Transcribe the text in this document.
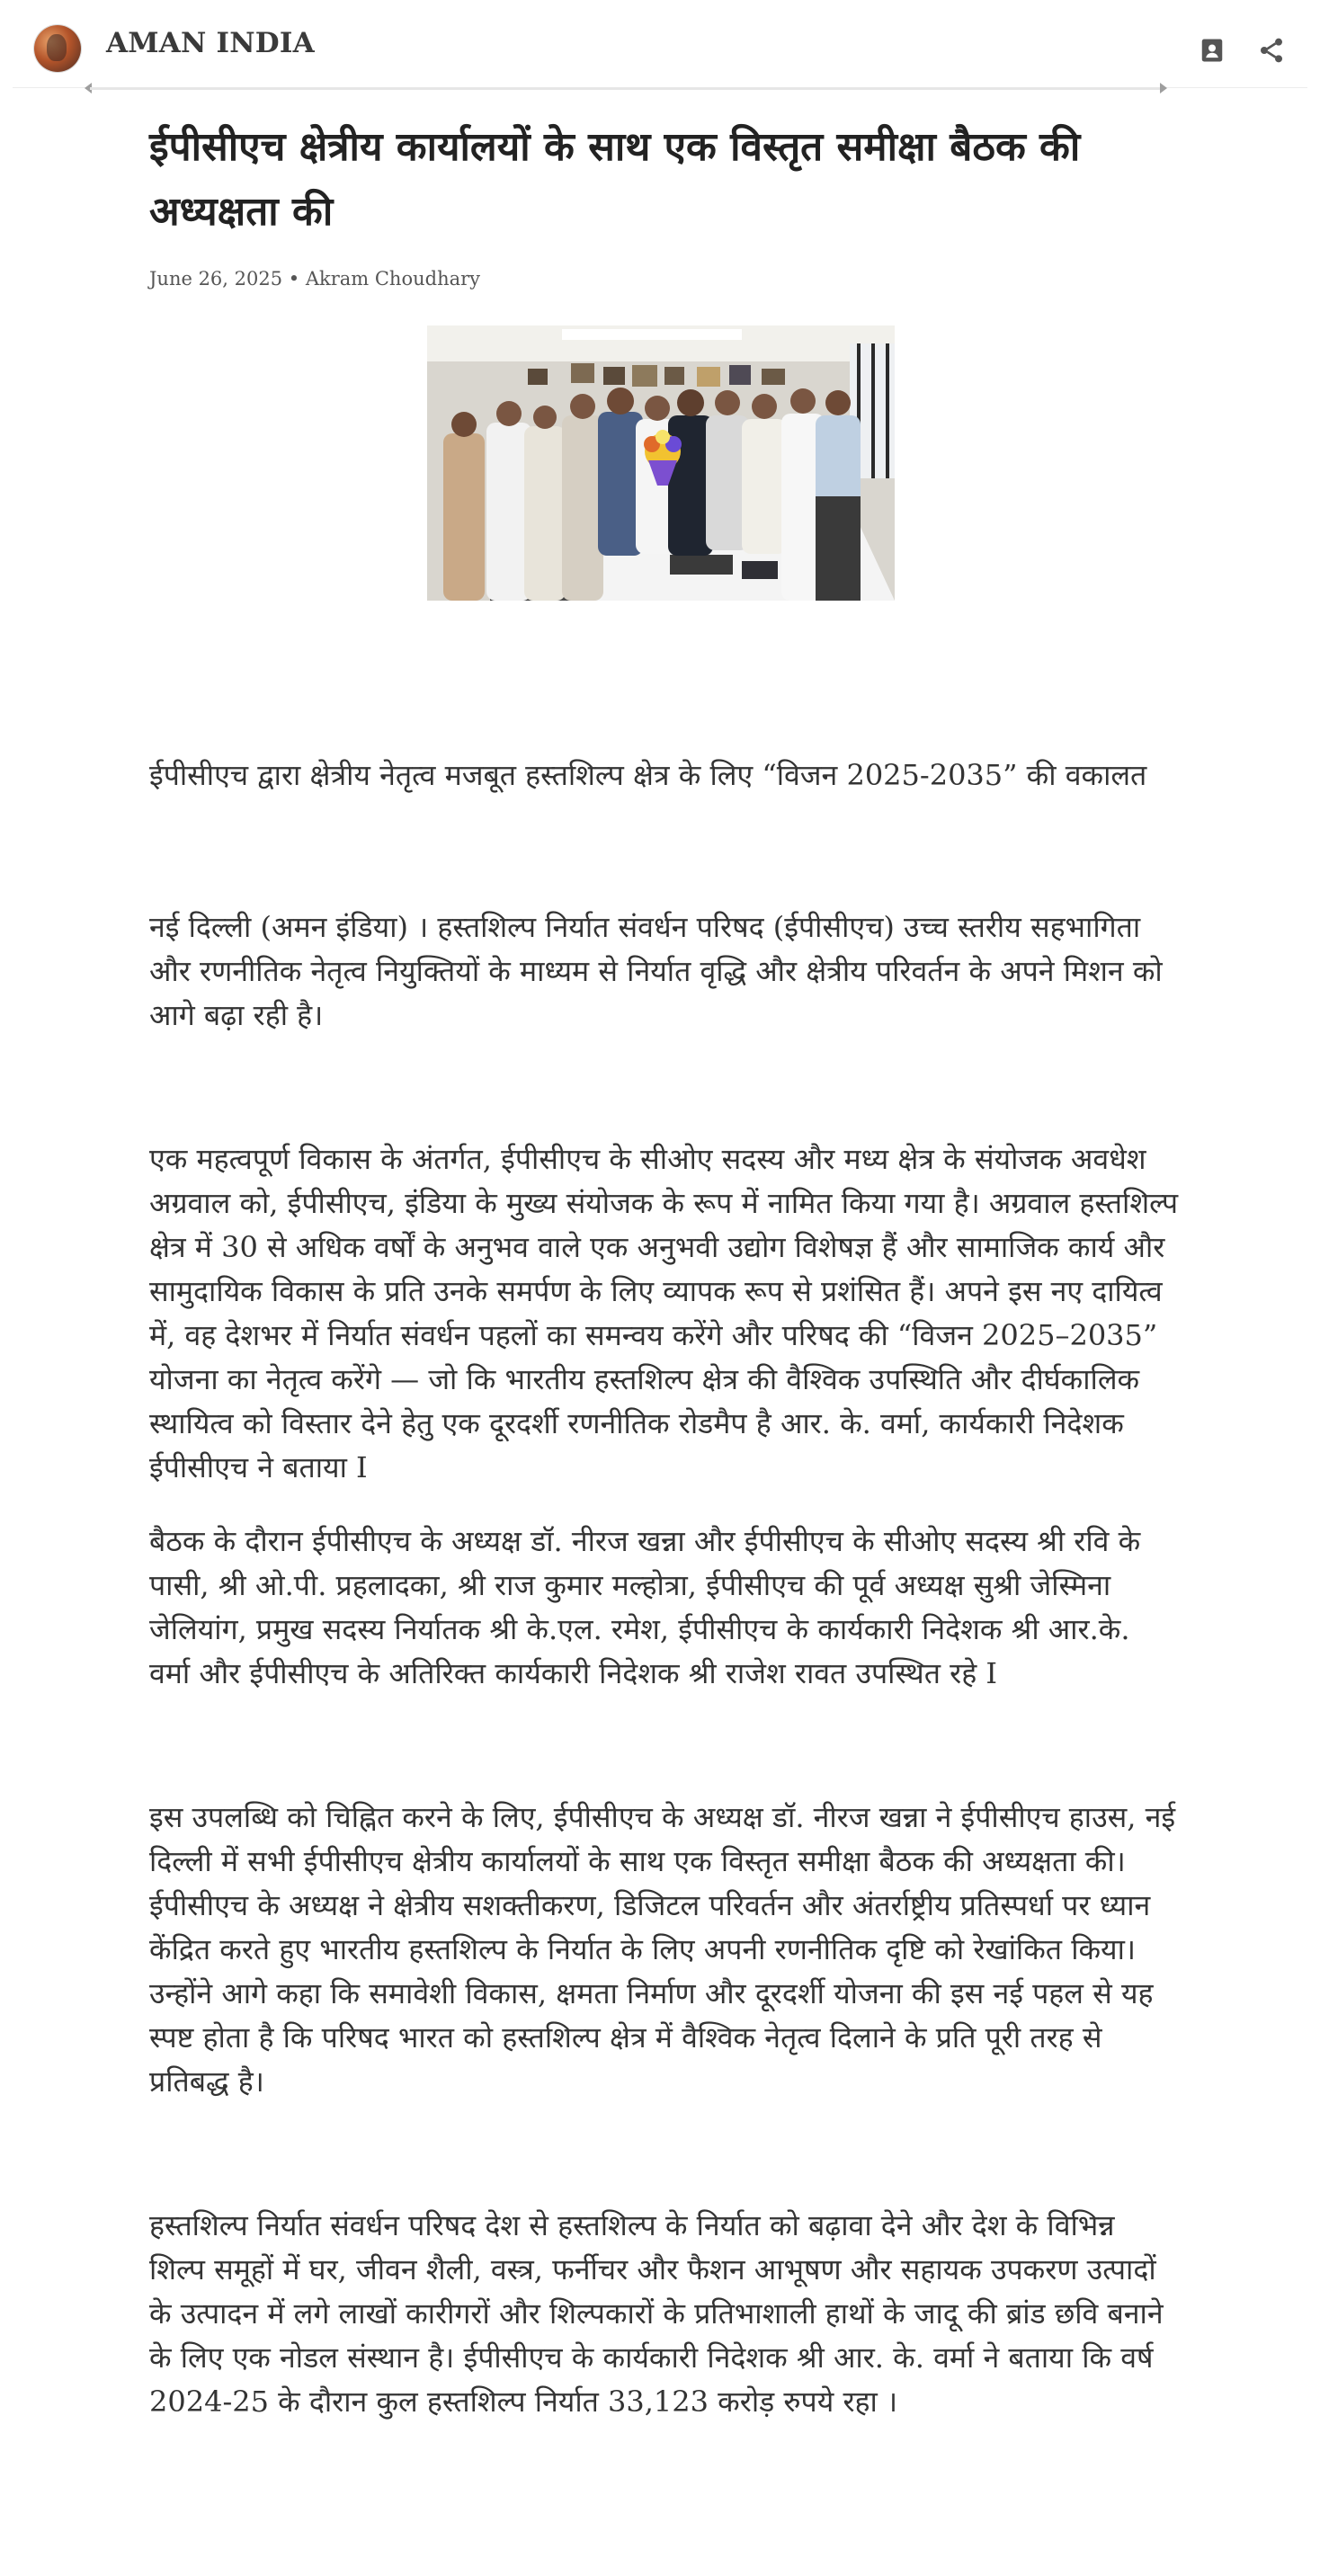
AMAN INDIA
ईपीसीएच क्षेत्रीय कार्यालयों के साथ एक विस्तृत समीक्षा बैठक की अध्यक्षता की
June 26, 2025 • Akram Choudhary

ईपीसीएच द्वारा क्षेत्रीय नेतृत्व मजबूत हस्तशिल्प क्षेत्र के लिए “विजन 2025-2035” की वकालत

नई दिल्ली (अमन इंडिया) । हस्तशिल्प निर्यात संवर्धन परिषद (ईपीसीएच) उच्च स्तरीय सहभागिता और रणनीतिक नेतृत्व नियुक्तियों के माध्यम से निर्यात वृद्धि और क्षेत्रीय परिवर्तन के अपने मिशन को आगे बढ़ा रही है।

एक महत्वपूर्ण विकास के अंतर्गत, ईपीसीएच के सीओए सदस्य और मध्य क्षेत्र के संयोजक अवधेश अग्रवाल को, ईपीसीएच, इंडिया के मुख्य संयोजक के रूप में नामित किया गया है। अग्रवाल हस्तशिल्प क्षेत्र में 30 से अधिक वर्षों के अनुभव वाले एक अनुभवी उद्योग विशेषज्ञ हैं और सामाजिक कार्य और सामुदायिक विकास के प्रति उनके समर्पण के लिए व्यापक रूप से प्रशंसित हैं। अपने इस नए दायित्व में, वह देशभर में निर्यात संवर्धन पहलों का समन्वय करेंगे और परिषद की “विजन 2025–2035” योजना का नेतृत्व करेंगे — जो कि भारतीय हस्तशिल्प क्षेत्र की वैश्विक उपस्थिति और दीर्घकालिक स्थायित्व को विस्तार देने हेतु एक दूरदर्शी रणनीतिक रोडमैप है आर. के. वर्मा, कार्यकारी निदेशक ईपीसीएच ने बताया I

बैठक के दौरान ईपीसीएच के अध्यक्ष डॉ. नीरज खन्ना और ईपीसीएच के सीओए सदस्य श्री रवि के पासी, श्री ओ.पी. प्रहलादका, श्री राज कुमार मल्होत्रा, ईपीसीएच की पूर्व अध्यक्ष सुश्री जेस्मिना जेलियांग, प्रमुख सदस्य निर्यातक श्री के.एल. रमेश, ईपीसीएच के कार्यकारी निदेशक श्री आर.के. वर्मा और ईपीसीएच के अतिरिक्त कार्यकारी निदेशक श्री राजेश रावत उपस्थित रहे I

इस उपलब्धि को चिह्नित करने के लिए, ईपीसीएच के अध्यक्ष डॉ. नीरज खन्ना ने ईपीसीएच हाउस, नई दिल्ली में सभी ईपीसीएच क्षेत्रीय कार्यालयों के साथ एक विस्तृत समीक्षा बैठक की अध्यक्षता की। ईपीसीएच के अध्यक्ष ने क्षेत्रीय सशक्तीकरण, डिजिटल परिवर्तन और अंतर्राष्ट्रीय प्रतिस्पर्धा पर ध्यान केंद्रित करते हुए भारतीय हस्तशिल्प के निर्यात के लिए अपनी रणनीतिक दृष्टि को रेखांकित किया। उन्होंने आगे कहा कि समावेशी विकास, क्षमता निर्माण और दूरदर्शी योजना की इस नई पहल से यह स्पष्ट होता है कि परिषद भारत को हस्तशिल्प क्षेत्र में वैश्विक नेतृत्व दिलाने के प्रति पूरी तरह से प्रतिबद्ध है।

हस्तशिल्प निर्यात संवर्धन परिषद देश से हस्तशिल्प के निर्यात को बढ़ावा देने और देश के विभिन्न शिल्प समूहों में घर, जीवन शैली, वस्त्र, फर्नीचर और फैशन आभूषण और सहायक उपकरण उत्पादों के उत्पादन में लगे लाखों कारीगरों और शिल्पकारों के प्रतिभाशाली हाथों के जादू की ब्रांड छवि बनाने के लिए एक नोडल संस्थान है। ईपीसीएच के कार्यकारी निदेशक श्री आर. के. वर्मा ने बताया कि वर्ष 2024-25 के दौरान कुल हस्तशिल्प निर्यात 33,123 करोड़ रुपये रहा ।
